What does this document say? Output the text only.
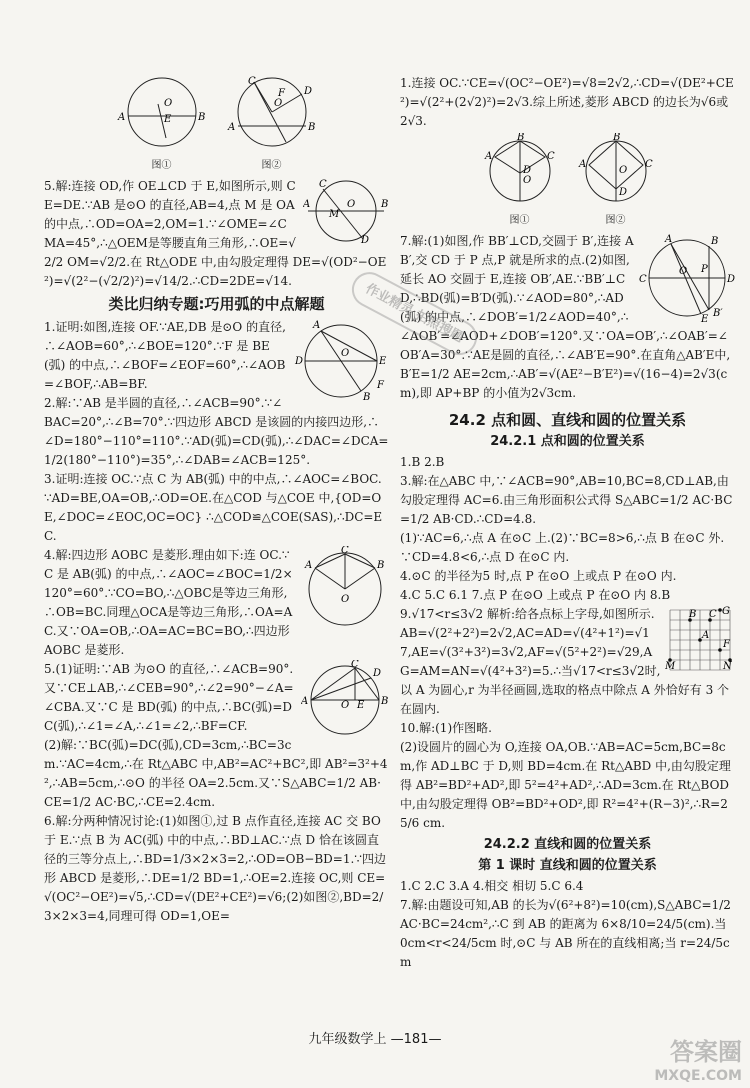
A	B
O
E
图①
C
A	B
O
F D
图②
A	B
C
M
O
D

5.解:连接 OD,作 OE⊥CD 于 E,如图所示,则 CE=DE.∵AB 是⊙O 的直径,AB=4,点 M 是 OA 的中点,∴OD=OA=2,OM=1.∵∠OME=∠CMA=45°,∴△OEM是等腰直角三角形,∴OE=√2/2 OM=√2/2.在 Rt△ODE 中,由勾股定理得 DE=√(OD²−OE²)=√(2²−(√2/2)²)=√14/2.∴CD=2DE=√14.

类比归纳专题:巧用弧的中点解题
A
D	E
O
B
F

1.证明:如图,连接 OF.∵AE,DB 是⊙O 的直径,∴∠AOB=60°,∴∠BOE=120°.∵F 是 BE(弧) 的中点,∴∠BOF=∠EOF=60°,∴∠AOB=∠BOF,∴AB=BF.

2.解:∵AB 是半圆的直径,∴∠ACB=90°.∵∠BAC=20°,∴∠B=70°.∵四边形 ABCD 是该圆的内接四边形,∴∠D=180°−110°=110°.∵AD(弧)=CD(弧),∴∠DAC=∠DCA=1/2(180°−110°)=35°,∴∠DAB=∠ACB=125°.

3.证明:连接 OC.∵点 C 为 AB(弧) 中的中点,∴∠AOC=∠BOC.∵AD=BE,OA=OB,∴OD=OE.在△COD 与△COE 中,{OD=OE,∠DOC=∠EOC,OC=OC} ∴△COD≌△COE(SAS),∴DC=EC.

C
A	B
O

4.解:四边形 AOBC 是菱形.理由如下:连 OC.∵C 是 AB(弧) 的中点,∴∠AOC=∠BOC=1/2×120°=60°.∵CO=BO,∴△OBC是等边三角形,∴OB=BC.同理△OCA是等边三角形,∴OA=AC.又∵OA=OB,∴OA=AC=BC=BO,∴四边形 AOBC 是菱形.

A	B
C
D
E
O

5.(1)证明:∵AB 为⊙O 的直径,∴∠ACB=90°.又∵CE⊥AB,∴∠CEB=90°,∴∠2=90°−∠A=∠CBA.又∵C 是 BD(弧) 的中点,∴BC(弧)=DC(弧),∴∠1=∠A,∴∠1=∠2,∴BF=CF.

(2)解:∵BC(弧)=DC(弧),CD=3cm,∴BC=3cm.∵AC=4cm,∴在 Rt△ABC 中,AB²=AC²+BC²,即 AB²=3²+4²,∴AB=5cm,∴⊙O 的半径 OA=2.5cm.又∵S△ABC=1/2 AB·CE=1/2 AC·BC,∴CE=2.4cm.

6.解:分两种情况讨论:(1)如图①,过 B 点作直径,连接 AC 交 BO 于 E.∵点 B 为 AC(弧) 中的中点,∴BD⊥AC.∵点 D 恰在该圆直径的三等分点上,∴BD=1/3×2×3=2,∴OD=OB−BD=1.∵四边形 ABCD 是菱形,∴DE=1/2 BD=1,∴OE=2.连接 OC,则 CE=√(OC²−OE²)=√5,∴CD=√(DE²+CE²)=√6;(2)如图②,BD=2/3×2×3=4,同理可得 OD=1,OE=

1.连接 OC.∵CE=√(OC²−OE²)=√8=2√2,∴CD=√(DE²+CE²)=√(2²+(2√2)²)=2√3.综上所述,菱形 ABCD 的边长为√6或2√3.

B
A	C
D
O
图①
B
A	C
O
D
图②
A
C	D
O P
B
E
B′

7.解:(1)如图,作 BB′⊥CD,交圆于 B′,连接 AB′,交 CD 于 P 点,P 就是所求的点.(2)如图,延长 AO 交圆于 E,连接 OB′,AE.∵BB′⊥CD,∴BD(弧)=B′D(弧).∵∠AOD=80°,∴AD(弧) 的中点,∴∠DOB′=1/2∠AOD=40°,∴∠AOB′=∠AOD+∠DOB′=120°.又∵OA=OB′,∴∠OAB′=∠OB′A=30°.∵AE是圆的直径,∴∠AB′E=90°.在直角△AB′E中,B′E=1/2 AE=2cm,∴AB′=√(AE²−B′E²)=√(16−4)=2√3(cm),即 AP+BP 的小值为2√3cm.

24.2 点和圆、直线和圆的位置关系
24.2.1 点和圆的位置关系

1.B 2.B

3.解:在△ABC 中,∵∠ACB=90°,AB=10,BC=8,CD⊥AB,由勾股定理得 AC=6.由三角形面积公式得 S△ABC=1/2 AC·BC=1/2 AB·CD.∴CD=4.8.

(1)∵AC=6,∴点 A 在⊙C 上.(2)∵BC=8>6,∴点 B 在⊙C 外.∵CD=4.8<6,∴点 D 在⊙C 内.

4.⊙C 的半径为5 时,点 P 在⊙O 上或点 P 在⊙O 内.

4.C 5.C 6.1 7.点 P 在⊙O 上或点 P 在⊙O 内 8.B

M	N
B C G
F
A

9.√17<r≤3√2 解析:给各点标上字母,如图所示.AB=√(2²+2²)=2√2,AC=AD=√(4²+1²)=√17,AE=√(3²+3²)=3√2,AF=√(5²+2²)=√29,AG=AM=AN=√(4²+3²)=5.∴当√17<r≤3√2时,以 A 为圆心,r 为半径画圆,选取的格点中除点 A 外恰好有 3 个在圆内.

10.解:(1)作图略.

(2)设圆片的圆心为 O,连接 OA,OB.∵AB=AC=5cm,BC=8cm,作 AD⊥BC 于 D,则 BD=4cm.在 Rt△ABD 中,由勾股定理得 AB²=BD²+AD²,即 5²=4²+AD²,∴AD=3cm.在 Rt△BOD 中,由勾股定理得 OB²=BD²+OD²,即 R²=4²+(R−3)²,∴R=25/6 cm.

24.2.2 直线和圆的位置关系
第 1 课时 直线和圆的位置关系

1.C 2.C 3.A 4.相交 相切 5.C 6.4

7.解:由题设可知,AB 的长为√(6²+8²)=10(cm),S△ABC=1/2 AC·BC=24cm²,∴C 到 AB 的距离为 6×8/10=24/5(cm).当 0cm<r<24/5cm 时,⊙C 与 AB 所在的直线相离;当 r=24/5cm

作业精灵 拍照搜题
九年级数学上 —181—	答案圈
MXQE.COM
